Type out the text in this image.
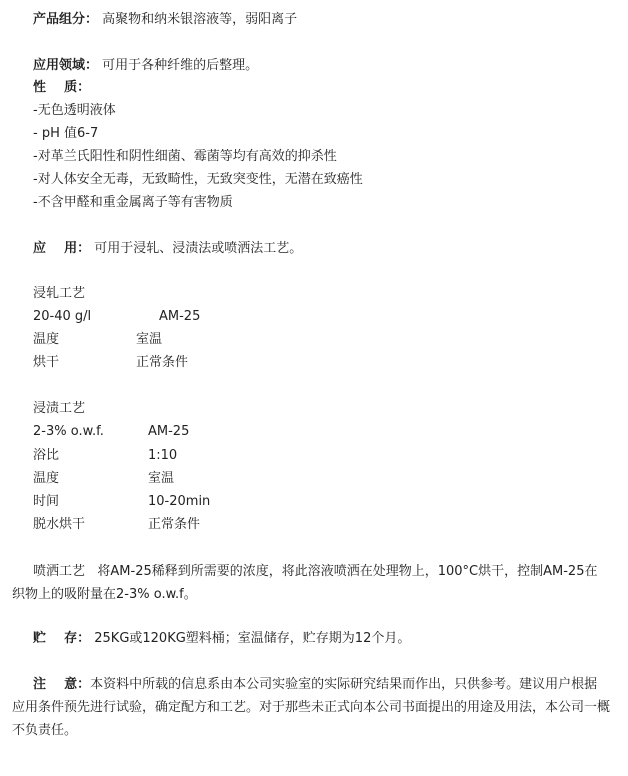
产品组分： 高聚物和纳米银溶液等，弱阳离子
应用领域： 可用于各种纤维的后整理。
性    质：
-无色透明液体
- pH 值6-7
-对革兰氏阳性和阴性细菌、霉菌等均有高效的抑杀性
-对人体安全无毒，无致畸性，无致突变性，无潜在致癌性
-不含甲醛和重金属离子等有害物质
应    用： 可用于浸轧、浸渍法或喷洒法工艺。
浸轧工艺
20-40 g/l	AM-25
温度	室温
烘干	正常条件
浸渍工艺
2-3% o.w.f.	AM-25
浴比	1:10
温度	室温
时间	10-20min
脱水烘干	正常条件
喷洒工艺   将AM-25稀释到所需要的浓度，将此溶液喷洒在处理物上，100°C烘干，控制AM-25在织物上的吸附量在2-3% o.w.f。
贮    存： 25KG或120KG塑料桶；室温储存，贮存期为12个月。
注    意：本资料中所载的信息系由本公司实验室的实际研究结果而作出，只供参考。建议用户根据应用条件预先进行试验，确定配方和工艺。对于那些未正式向本公司书面提出的用途及用法，本公司一概不负责任。
